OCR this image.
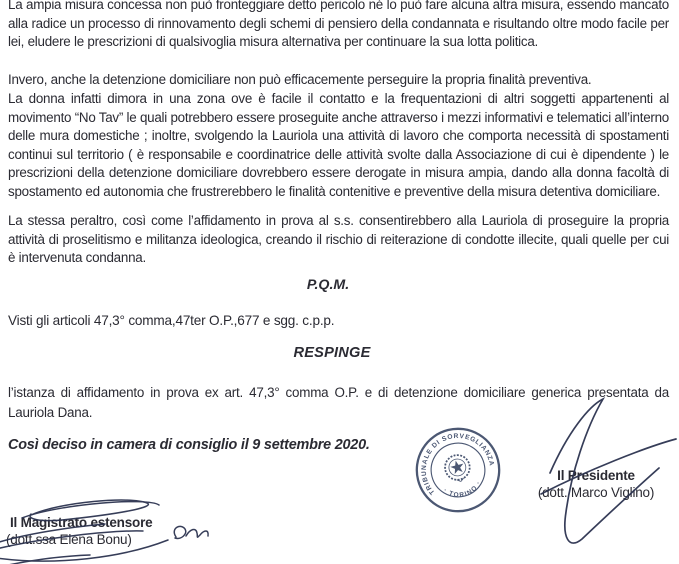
La ampia misura concessa non può fronteggiare detto pericolo né lo può fare alcuna altra misura, essendo mancato alla radice un processo di rinnovamento degli schemi di pensiero della condannata e risultando oltre modo facile per lei, eludere le prescrizioni di qualsivoglia misura alternativa per continuare la sua lotta politica.

Invero, anche la detenzione domiciliare non può efficacemente perseguire la propria finalità preventiva.

La donna infatti dimora in una zona ove è facile il contatto e la frequentazioni di altri soggetti appartenenti al movimento “No Tav” le quali potrebbero essere proseguite anche attraverso i mezzi informativi e telematici all’interno delle mura domestiche ; inoltre, svolgendo la Lauriola una attività di lavoro che comporta necessità di spostamenti continui sul territorio ( è responsabile e coordinatrice delle attività svolte dalla Associazione di cui è dipendente ) le prescrizioni della detenzione domiciliare dovrebbero essere derogate in misura ampia, dando alla donna facoltà di spostamento ed autonomia che frustrerebbero le finalità contenitive e preventive della misura detentiva domiciliare.

La stessa peraltro, così come l’affidamento in prova al s.s. consentirebbero alla Lauriola di proseguire la propria attività di proselitismo e militanza ideologica, creando il rischio di reiterazione di condotte illecite, quali quelle per cui è intervenuta condanna.

P.Q.M.

Visti gli articoli 47,3° comma,47ter O.P.,677 e sgg. c.p.p.

RESPINGE

l’istanza di affidamento in prova ex art. 47,3° comma O.P. e di detenzione domiciliare generica presentata da Lauriola Dana.

Così deciso in camera di consiglio il 9 settembre 2020.

TRIBUNALE DI SORVEGLIANZA
· TORINO ·	Il Presidente
(dott. Marco Viglino)

Il Magistrato estensore
(dott.ssa Elena Bonu)
